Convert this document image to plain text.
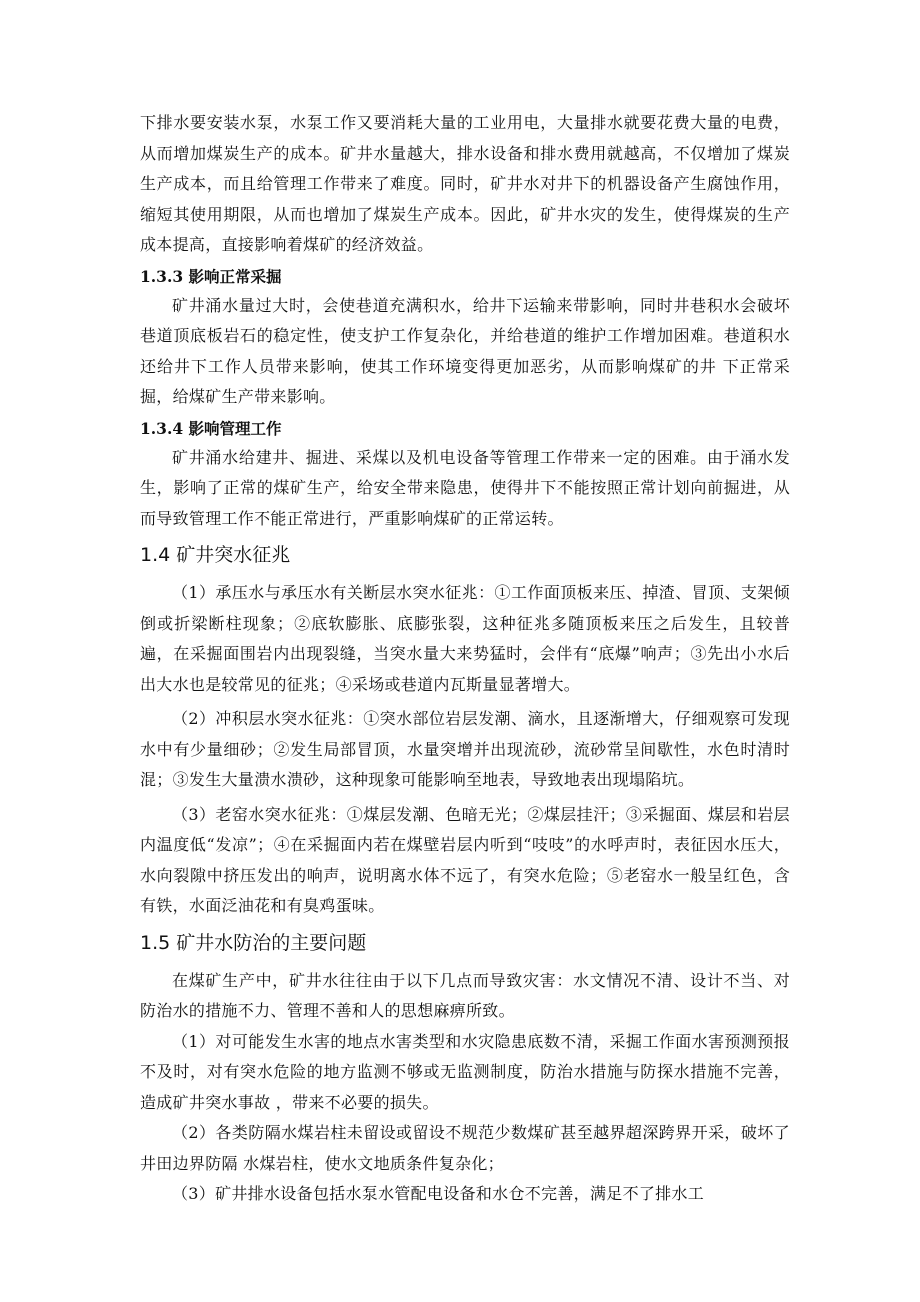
下排水要安装水泵，水泵工作又要消耗大量的工业用电，大量排水就要花费大量的电费，从而增加煤炭生产的成本。矿井水量越大，排水设备和排水费用就越高，不仅增加了煤炭生产成本，而且给管理工作带来了难度。同时，矿井水对井下的机器设备产生腐蚀作用，缩短其使用期限，从而也增加了煤炭生产成本。因此，矿井水灾的发生，使得煤炭的生产成本提高，直接影响着煤矿的经济效益。

1.3.3 影响正常采掘

矿井涌水量过大时，会使巷道充满积水，给井下运输来带影响，同时井巷积水会破坏巷道顶底板岩石的稳定性，使支护工作复杂化，并给巷道的维护工作增加困难。巷道积水还给井下工作人员带来影响，使其工作环境变得更加恶劣，从而影响煤矿的井 下正常采掘，给煤矿生产带来影响。

1.3.4 影响管理工作

矿井涌水给建井、掘进、采煤以及机电设备等管理工作带来一定的困难。由于涌水发生，影响了正常的煤矿生产，给安全带来隐患，使得井下不能按照正常计划向前掘进，从而导致管理工作不能正常进行，严重影响煤矿的正常运转。

1.4 矿井突水征兆

（1）承压水与承压水有关断层水突水征兆：①工作面顶板来压、掉渣、冒顶、支架倾倒或折梁断柱现象；②底软膨胀、底膨张裂，这种征兆多随顶板来压之后发生，且较普遍，在采掘面围岩内出现裂缝，当突水量大来势猛时，会伴有“底爆”响声；③先出小水后出大水也是较常见的征兆；④采场或巷道内瓦斯量显著增大。

（2）冲积层水突水征兆：①突水部位岩层发潮、滴水，且逐渐增大，仔细观察可发现水中有少量细砂；②发生局部冒顶，水量突增并出现流砂，流砂常呈间歇性，水色时清时混；③发生大量溃水溃砂，这种现象可能影响至地表，导致地表出现塌陷坑。

（3）老窑水突水征兆：①煤层发潮、色暗无光；②煤层挂汗；③采掘面、煤层和岩层内温度低“发凉”；④在采掘面内若在煤壁岩层内听到“吱吱”的水呼声时，表征因水压大，水向裂隙中挤压发出的响声，说明离水体不远了，有突水危险；⑤老窑水一般呈红色，含有铁，水面泛油花和有臭鸡蛋味。

1.5 矿井水防治的主要问题

在煤矿生产中，矿井水往往由于以下几点而导致灾害：水文情况不清、设计不当、对防治水的措施不力、管理不善和人的思想麻痹所致。

（1）对可能发生水害的地点水害类型和水灾隐患底数不清，采掘工作面水害预测预报不及时，对有突水危险的地方监测不够或无监测制度，防治水措施与防探水措施不完善，造成矿井突水事故 ，带来不必要的损失。

（2）各类防隔水煤岩柱未留设或留设不规范少数煤矿甚至越界超深跨界开采，破坏了井田边界防隔 水煤岩柱，使水文地质条件复杂化；

（3）矿井排水设备包括水泵水管配电设备和水仓不完善，满足不了排水工
